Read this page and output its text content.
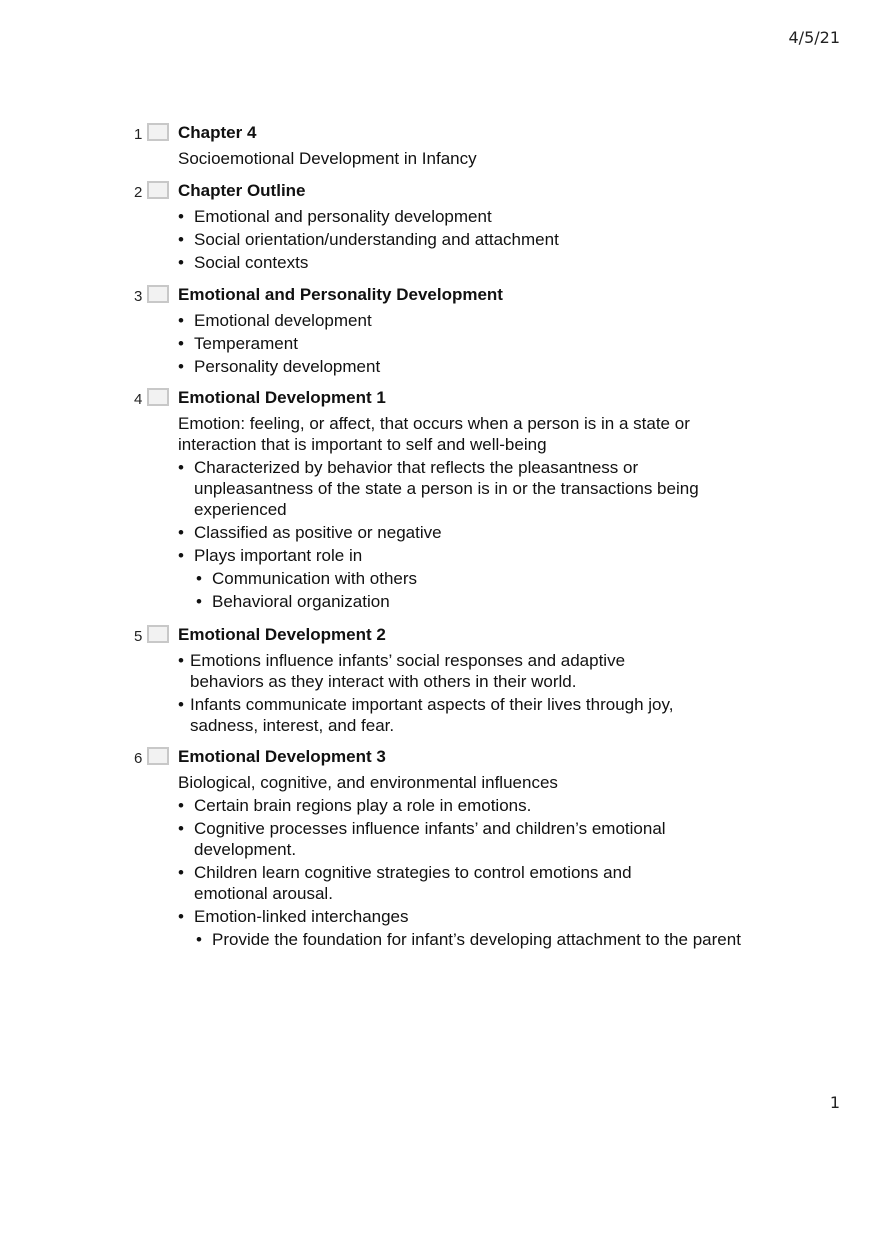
4/5/21
1 Chapter 4
Socioemotional Development in Infancy
2 Chapter Outline
• Emotional and personality development
• Social orientation/understanding and attachment
• Social contexts
3 Emotional and Personality Development
• Emotional development
• Temperament
• Personality development
4 Emotional Development 1
Emotion: feeling, or affect, that occurs when a person is in a state or interaction that is important to self and well-being
• Characterized by behavior that reflects the pleasantness or unpleasantness of the state a person is in or the transactions being experienced
• Classified as positive or negative
• Plays important role in
• Communication with others
• Behavioral organization
5 Emotional Development 2
• Emotions influence infants’ social responses and adaptive behaviors as they interact with others in their world.
• Infants communicate important aspects of their lives through joy, sadness, interest, and fear.
6 Emotional Development 3
Biological, cognitive, and environmental influences
• Certain brain regions play a role in emotions.
• Cognitive processes influence infants’ and children’s emotional development.
• Children learn cognitive strategies to control emotions and emotional arousal.
• Emotion-linked interchanges
• Provide the foundation for infant’s developing attachment to the parent
1
